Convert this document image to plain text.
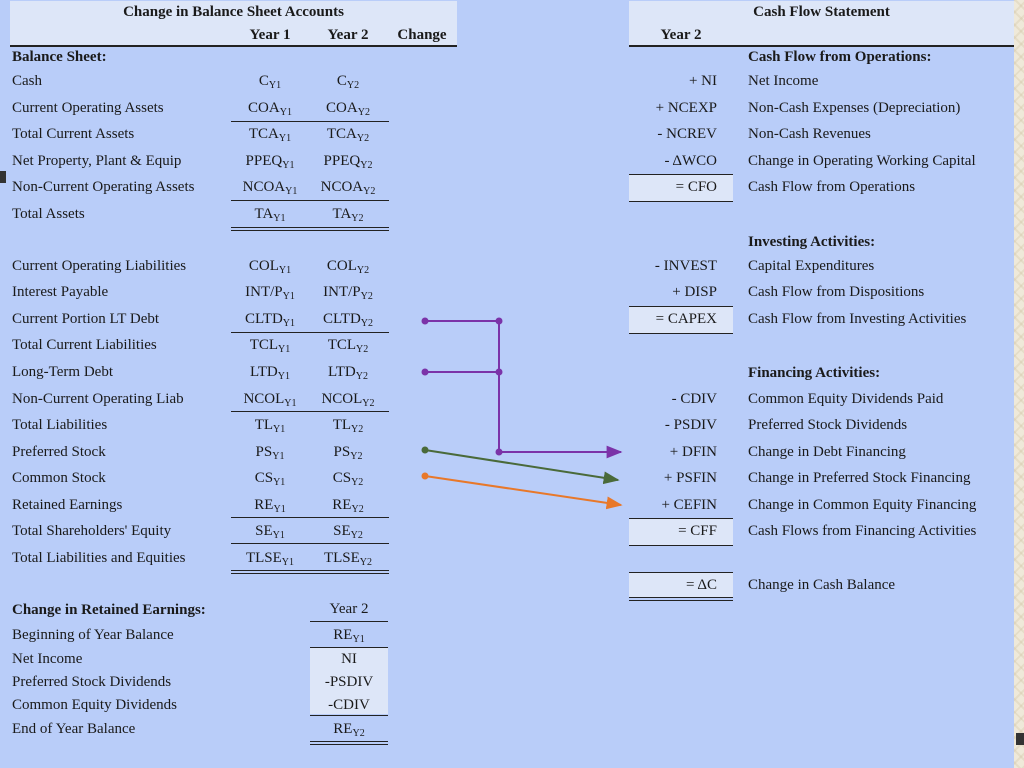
Change in Balance Sheet Accounts
Year 1	Year 2	Change
Balance Sheet:
Cash	$C_{Y1}$	$C_{Y2}$
Current Operating Assets	$COA_{Y1}$	$COA_{Y2}$
Total Current Assets	$TCA_{Y1}$	$TCA_{Y2}$
Net Property, Plant & Equip	$PPEQ_{Y1}$	$PPEQ_{Y2}$
Non-Current Operating Assets	$NCOA_{Y1}$	$NCOA_{Y2}$
Total Assets	$TA_{Y1}$	$TA_{Y2}$
Current Operating Liabilities	$COL_{Y1}$	$COL_{Y2}$
Interest Payable	INT/$P_{Y1}$	INT/$P_{Y2}$
Current Portion LT Debt	$CLTD_{Y1}$	$CLTD_{Y2}$
Total Current Liabilities	$TCL_{Y1}$	$TCL_{Y2}$
Long-Term Debt	$LTD_{Y1}$	$LTD_{Y2}$
Non-Current Operating Liab	$NCOL_{Y1}$	$NCOL_{Y2}$
Total Liabilities	$TL_{Y1}$	$TL_{Y2}$
Preferred Stock	$PS_{Y1}$	$PS_{Y2}$
Common Stock	$CS_{Y1}$	$CS_{Y2}$
Retained Earnings	$RE_{Y1}$	$RE_{Y2}$
Total Shareholders' Equity	$SE_{Y1}$	$SE_{Y2}$
Total Liabilities and Equities	$TLSE_{Y1}$	$TLSE_{Y2}$
Change in Retained Earnings:	Year 2
Beginning of Year Balance	$RE_{Y1}$
Net Income	NI
Preferred Stock Dividends	-PSDIV
Common Equity Dividends	-CDIV
End of Year Balance	$RE_{Y2}$
Cash Flow Statement
Year 2
Cash Flow from Operations:
Investing Activities:
Financing Activities:
+ NI Net Income
+ NCEXP Non-Cash Expenses (Depreciation)
- NCREV Non-Cash Revenues
- ΔWCO Change in Operating Working Capital
= CFO Cash Flow from Operations
- INVEST Capital Expenditures
+ DISP Cash Flow from Dispositions
= CAPEX Cash Flow from Investing Activities
- CDIV Common Equity Dividends Paid
- PSDIV Preferred Stock Dividends
+ DFIN Change in Debt Financing
+ PSFIN Change in Preferred Stock Financing
+ CEFIN Change in Common Equity Financing
= CFF Cash Flows from Financing Activities
= ΔC Change in Cash Balance
